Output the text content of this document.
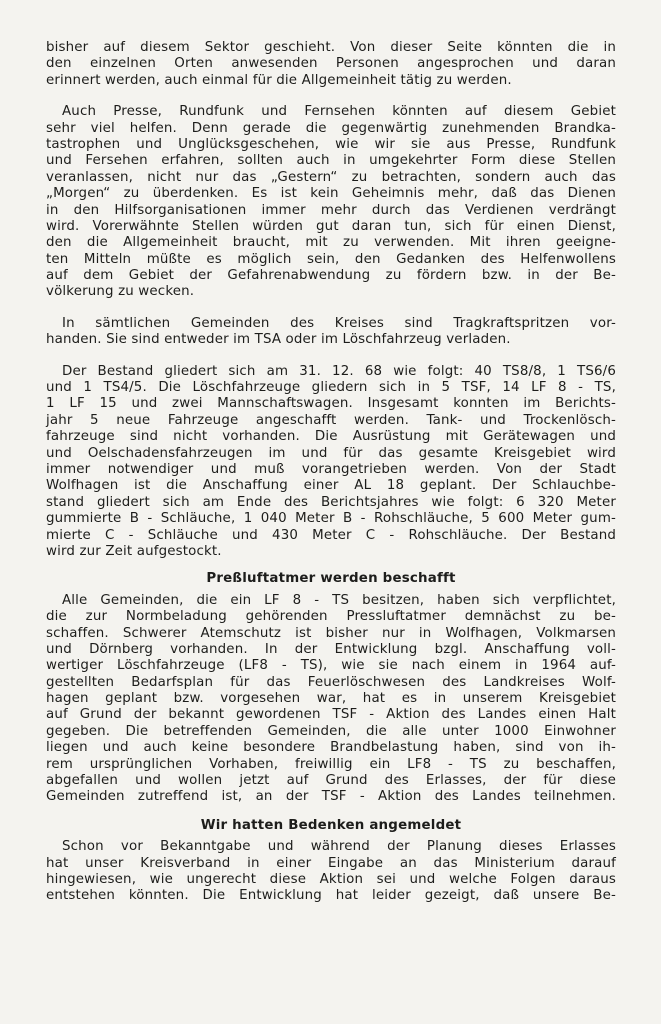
bisher auf diesem Sektor geschieht. Von dieser Seite könnten die in
den einzelnen Orten anwesenden Personen angesprochen und daran
erinnert werden, auch einmal für die Allgemeinheit tätig zu werden.
Auch Presse, Rundfunk und Fernsehen könnten auf diesem Gebiet
sehr viel helfen. Denn gerade die gegenwärtig zunehmenden Brandka-
tastrophen und Unglücksgeschehen, wie wir sie aus Presse, Rundfunk
und Fersehen erfahren, sollten auch in umgekehrter Form diese Stellen
veranlassen, nicht nur das „Gestern“ zu betrachten, sondern auch das
„Morgen“ zu überdenken. Es ist kein Geheimnis mehr, daß das Dienen
in den Hilfsorganisationen immer mehr durch das Verdienen verdrängt
wird. Vorerwähnte Stellen würden gut daran tun, sich für einen Dienst,
den die Allgemeinheit braucht, mit zu verwenden. Mit ihren geeigne-
ten Mitteln müßte es möglich sein, den Gedanken des Helfenwollens
auf dem Gebiet der Gefahrenabwendung zu fördern bzw. in der Be-
völkerung zu wecken.
In sämtlichen Gemeinden des Kreises sind Tragkraftspritzen vor-
handen. Sie sind entweder im TSA oder im Löschfahrzeug verladen.
Der Bestand gliedert sich am 31. 12. 68 wie folgt: 40 TS8/8, 1 TS6/6
und 1 TS4/5. Die Löschfahrzeuge gliedern sich in 5 TSF, 14 LF 8 - TS,
1 LF 15 und zwei Mannschaftswagen. Insgesamt konnten im Berichts-
jahr 5 neue Fahrzeuge angeschafft werden. Tank- und Trockenlösch-
fahrzeuge sind nicht vorhanden. Die Ausrüstung mit Gerätewagen und
und Oelschadensfahrzeugen im und für das gesamte Kreisgebiet wird
immer notwendiger und muß vorangetrieben werden. Von der Stadt
Wolfhagen ist die Anschaffung einer AL 18 geplant. Der Schlauchbe-
stand gliedert sich am Ende des Berichtsjahres wie folgt: 6 320 Meter
gummierte B - Schläuche, 1 040 Meter B - Rohschläuche, 5 600 Meter gum-
mierte C - Schläuche und 430 Meter C - Rohschläuche. Der Bestand
wird zur Zeit aufgestockt.
Preßluftatmer werden beschafft
Alle Gemeinden, die ein LF 8 - TS besitzen, haben sich verpflichtet,
die zur Normbeladung gehörenden Pressluftatmer demnächst zu be-
schaffen. Schwerer Atemschutz ist bisher nur in Wolfhagen, Volkmarsen
und Dörnberg vorhanden. In der Entwicklung bzgl. Anschaffung voll-
wertiger Löschfahrzeuge (LF8 - TS), wie sie nach einem in 1964 auf-
gestellten Bedarfsplan für das Feuerlöschwesen des Landkreises Wolf-
hagen geplant bzw. vorgesehen war, hat es in unserem Kreisgebiet
auf Grund der bekannt gewordenen TSF - Aktion des Landes einen Halt
gegeben. Die betreffenden Gemeinden, die alle unter 1000 Einwohner
liegen und auch keine besondere Brandbelastung haben, sind von ih-
rem ursprünglichen Vorhaben, freiwillig ein LF8 - TS zu beschaffen,
abgefallen und wollen jetzt auf Grund des Erlasses, der für diese
Gemeinden zutreffend ist, an der TSF - Aktion des Landes teilnehmen.
Wir hatten Bedenken angemeldet
Schon vor Bekanntgabe und während der Planung dieses Erlasses
hat unser Kreisverband in einer Eingabe an das Ministerium darauf
hingewiesen, wie ungerecht diese Aktion sei und welche Folgen daraus
entstehen könnten. Die Entwicklung hat leider gezeigt, daß unsere Be-
